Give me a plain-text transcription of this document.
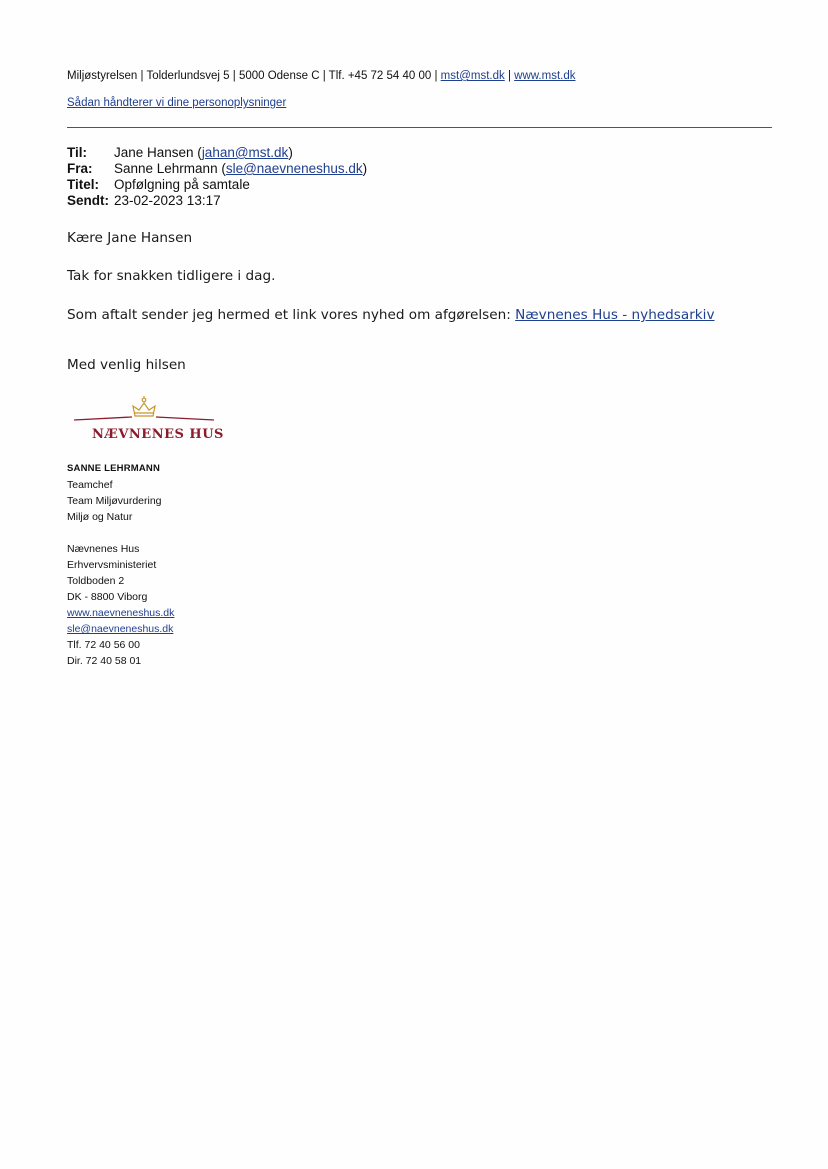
Miljøstyrelsen | Tolderlundsvej 5 | 5000 Odense C | Tlf. +45 72 54 40 00 | mst@mst.dk | www.mst.dk
Sådan håndterer vi dine personoplysninger
Til: Jane Hansen (jahan@mst.dk)
Fra: Sanne Lehrmann (sle@naevneneshus.dk)
Titel: Opfølgning på samtale
Sendt: 23-02-2023 13:17
Kære Jane Hansen
Tak for snakken tidligere i dag.
Som aftalt sender jeg hermed et link vores nyhed om afgørelsen: Nævnenes Hus - nyhedsarkiv
Med venlig hilsen
NÆVNENES HUS
SANNE LEHRMANN
Teamchef
Team Miljøvurdering
Miljø og Natur
Nævnenes Hus
Erhvervsministeriet
Toldboden 2
DK - 8800 Viborg
www.naevneneshus.dk
sle@naevneneshus.dk
Tlf. 72 40 56 00
Dir. 72 40 58 01
